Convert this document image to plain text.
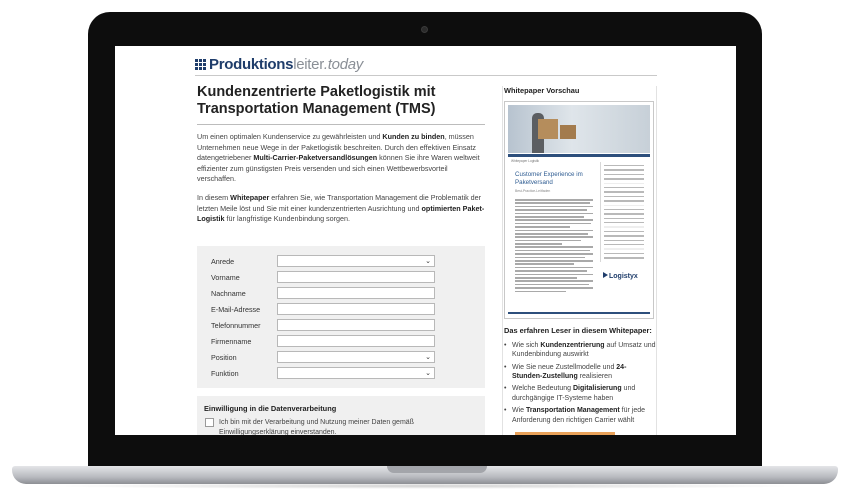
Produktionsleiter.today
Kundenzentrierte Paketlogistik mit Transportation Management (TMS)

Um einen optimalen Kundenservice zu gewährleisten und Kunden zu binden, müssen Unternehmen neue Wege in der Paketlogistik beschreiten. Durch den effektiven Einsatz datengetriebener Multi-Carrier-Paketversandlösungen können Sie ihre Waren weltweit effizienter zum günstigsten Preis versenden und sich einen Wettbewerbsvorteil verschaffen.

In diesem Whitepaper erfahren Sie, wie Transportation Management die Problematik der letzten Meile löst und Sie mit einer kundenzentrierten Ausrichtung und optimierten Paket-Logistik für langfristige Kundenbindung sorgen.

Anrede	⌄
Vorname
Nachname
E-Mail-Adresse
Telefonnummer
Firmenname
Position	⌄
Funktion	⌄
Einwilligung in die Datenverarbeitung

Ich bin mit der Verarbeitung und Nutzung meiner Daten gemäß Einwilligungserklärung einverstanden.

Whitepaper Vorschau
Whitepaper Logistik
Customer Experience im Paketversand
Best-Practice-Leitfaden
Logistyx
Das erfahren Leser in diesem Whitepaper:
• Wie sich Kundenzentrierung auf Umsatz und Kundenbindung auswirkt
• Wie Sie neue Zustellmodelle und 24-Stunden-Zustellung realisieren
• Welche Bedeutung Digitalisierung und durchgängige IT-Systeme haben
• Wie Transportation Management für jede Anforderung den richtigen Carrier wählt
